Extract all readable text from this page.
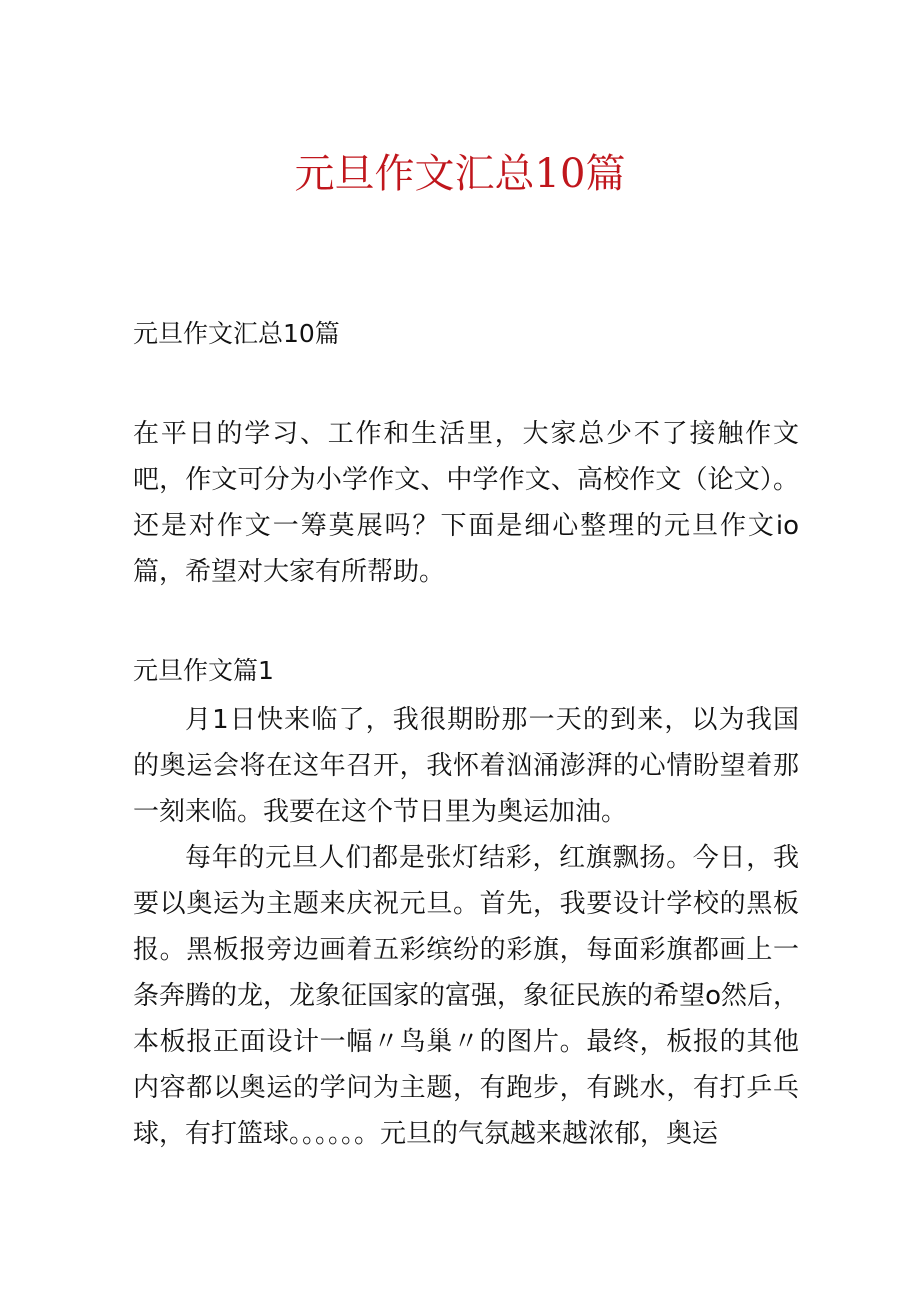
元旦作文汇总10篇
元旦作文汇总10篇

在平日的学习、工作和生活里，大家总少不了接触作文吧，作文可分为小学作文、中学作文、高校作文（论文）。还是对作文一筹莫展吗？下面是细心整理的元旦作文io篇，希望对大家有所帮助。

元旦作文篇1

月1日快来临了，我很期盼那一天的到来，以为我国的奥运会将在这年召开，我怀着汹涌澎湃的心情盼望着那一刻来临。我要在这个节日里为奥运加油。

每年的元旦人们都是张灯结彩，红旗飘扬。今日，我要以奥运为主题来庆祝元旦。首先，我要设计学校的黑板报。黑板报旁边画着五彩缤纷的彩旗，每面彩旗都画上一条奔腾的龙，龙象征国家的富强，象征民族的希望o然后，本板报正面设计一幅〃鸟巢〃的图片。最终，板报的其他内容都以奥运的学问为主题，有跑步，有跳水，有打乒乓球，有打篮球。。。。。。元旦的气氛越来越浓郁，奥运
